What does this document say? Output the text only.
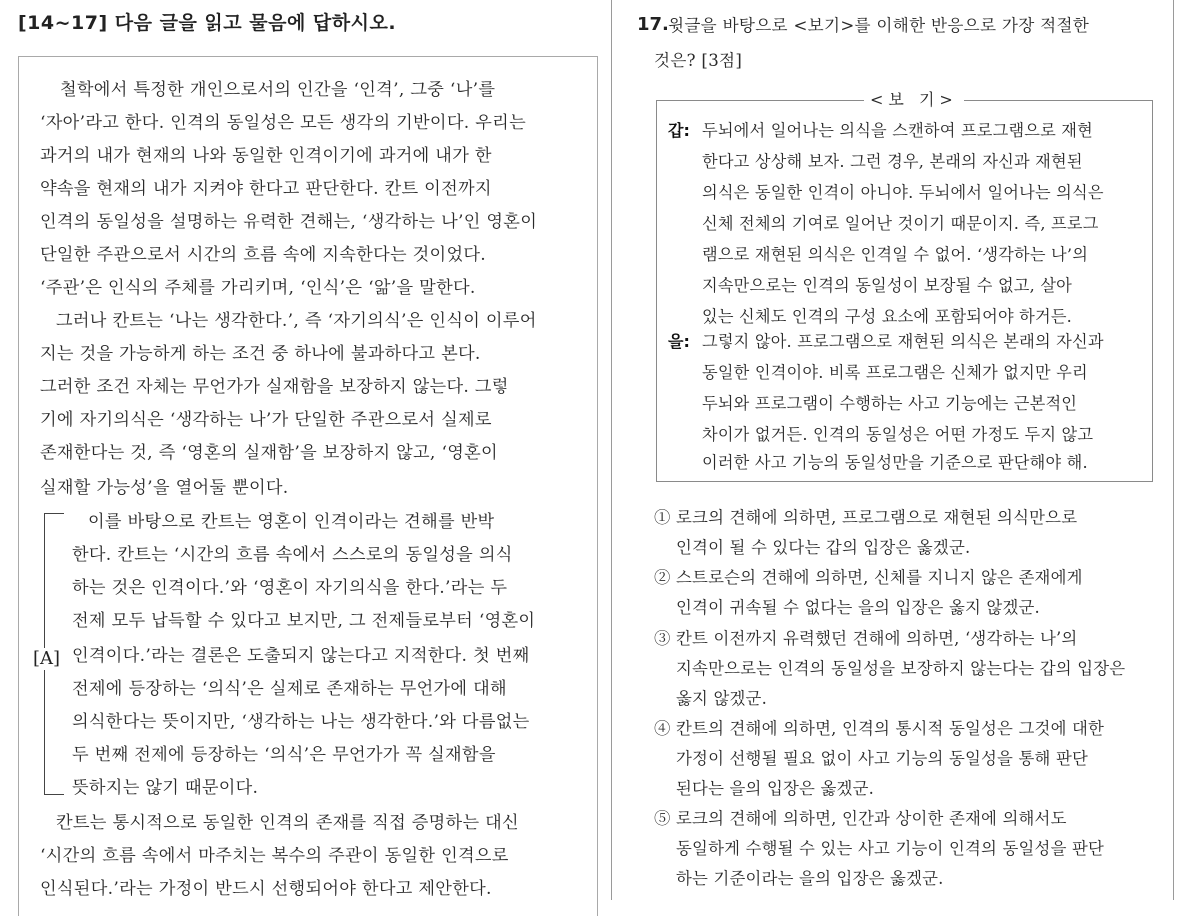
[14~17] 다음 글을 읽고 물음에 답하시오.
철학에서 특정한 개인으로서의 인간을 ‘인격’, 그중 ‘나’를
‘자아’라고 한다. 인격의 동일성은 모든 생각의 기반이다. 우리는
과거의 내가 현재의 나와 동일한 인격이기에 과거에 내가 한
약속을 현재의 내가 지켜야 한다고 판단한다. 칸트 이전까지
인격의 동일성을 설명하는 유력한 견해는, ‘생각하는 나’인 영혼이
단일한 주관으로서 시간의 흐름 속에 지속한다는 것이었다.
‘주관’은 인식의 주체를 가리키며, ‘인식’은 ‘앎’을 말한다.
그러나 칸트는 ‘나는 생각한다.’, 즉 ‘자기의식’은 인식이 이루어
지는 것을 가능하게 하는 조건 중 하나에 불과하다고 본다.
그러한 조건 자체는 무언가가 실재함을 보장하지 않는다. 그렇
기에 자기의식은 ‘생각하는 나’가 단일한 주관으로서 실제로
존재한다는 것, 즉 ‘영혼의 실재함’을 보장하지 않고, ‘영혼이
실재할 가능성’을 열어둘 뿐이다.
[A]
이를 바탕으로 칸트는 영혼이 인격이라는 견해를 반박
한다. 칸트는 ‘시간의 흐름 속에서 스스로의 동일성을 의식
하는 것은 인격이다.’와 ‘영혼이 자기의식을 한다.’라는 두
전제 모두 납득할 수 있다고 보지만, 그 전제들로부터 ‘영혼이
인격이다.’라는 결론은 도출되지 않는다고 지적한다. 첫 번째
전제에 등장하는 ‘의식’은 실제로 존재하는 무언가에 대해
의식한다는 뜻이지만, ‘생각하는 나는 생각한다.’와 다름없는
두 번째 전제에 등장하는 ‘의식’은 무언가가 꼭 실재함을
뜻하지는 않기 때문이다.
칸트는 통시적으로 동일한 인격의 존재를 직접 증명하는 대신
‘시간의 흐름 속에서 마주치는 복수의 주관이 동일한 인격으로
인식된다.’라는 가정이 반드시 선행되어야 한다고 제안한다.
17. 윗글을 바탕으로 <보기>를 이해한 반응으로 가장 적절한
것은? [3점]
<보 기>
갑: 두뇌에서 일어나는 의식을 스캔하여 프로그램으로 재현
한다고 상상해 보자. 그런 경우, 본래의 자신과 재현된
의식은 동일한 인격이 아니야. 두뇌에서 일어나는 의식은
신체 전체의 기여로 일어난 것이기 때문이지. 즉, 프로그
램으로 재현된 의식은 인격일 수 없어. ‘생각하는 나’의
지속만으로는 인격의 동일성이 보장될 수 없고, 살아
있는 신체도 인격의 구성 요소에 포함되어야 하거든.
을: 그렇지 않아. 프로그램으로 재현된 의식은 본래의 자신과
동일한 인격이야. 비록 프로그램은 신체가 없지만 우리
두뇌와 프로그램이 수행하는 사고 기능에는 근본적인
차이가 없거든. 인격의 동일성은 어떤 가정도 두지 않고
이러한 사고 기능의 동일성만을 기준으로 판단해야 해.
① 로크의 견해에 의하면, 프로그램으로 재현된 의식만으로
인격이 될 수 있다는 갑의 입장은 옳겠군.
② 스트로슨의 견해에 의하면, 신체를 지니지 않은 존재에게
인격이 귀속될 수 없다는 을의 입장은 옳지 않겠군.
③ 칸트 이전까지 유력했던 견해에 의하면, ‘생각하는 나’의
지속만으로는 인격의 동일성을 보장하지 않는다는 갑의 입장은
옳지 않겠군.
④ 칸트의 견해에 의하면, 인격의 통시적 동일성은 그것에 대한
가정이 선행될 필요 없이 사고 기능의 동일성을 통해 판단
된다는 을의 입장은 옳겠군.
⑤ 로크의 견해에 의하면, 인간과 상이한 존재에 의해서도
동일하게 수행될 수 있는 사고 기능이 인격의 동일성을 판단
하는 기준이라는 을의 입장은 옳겠군.
